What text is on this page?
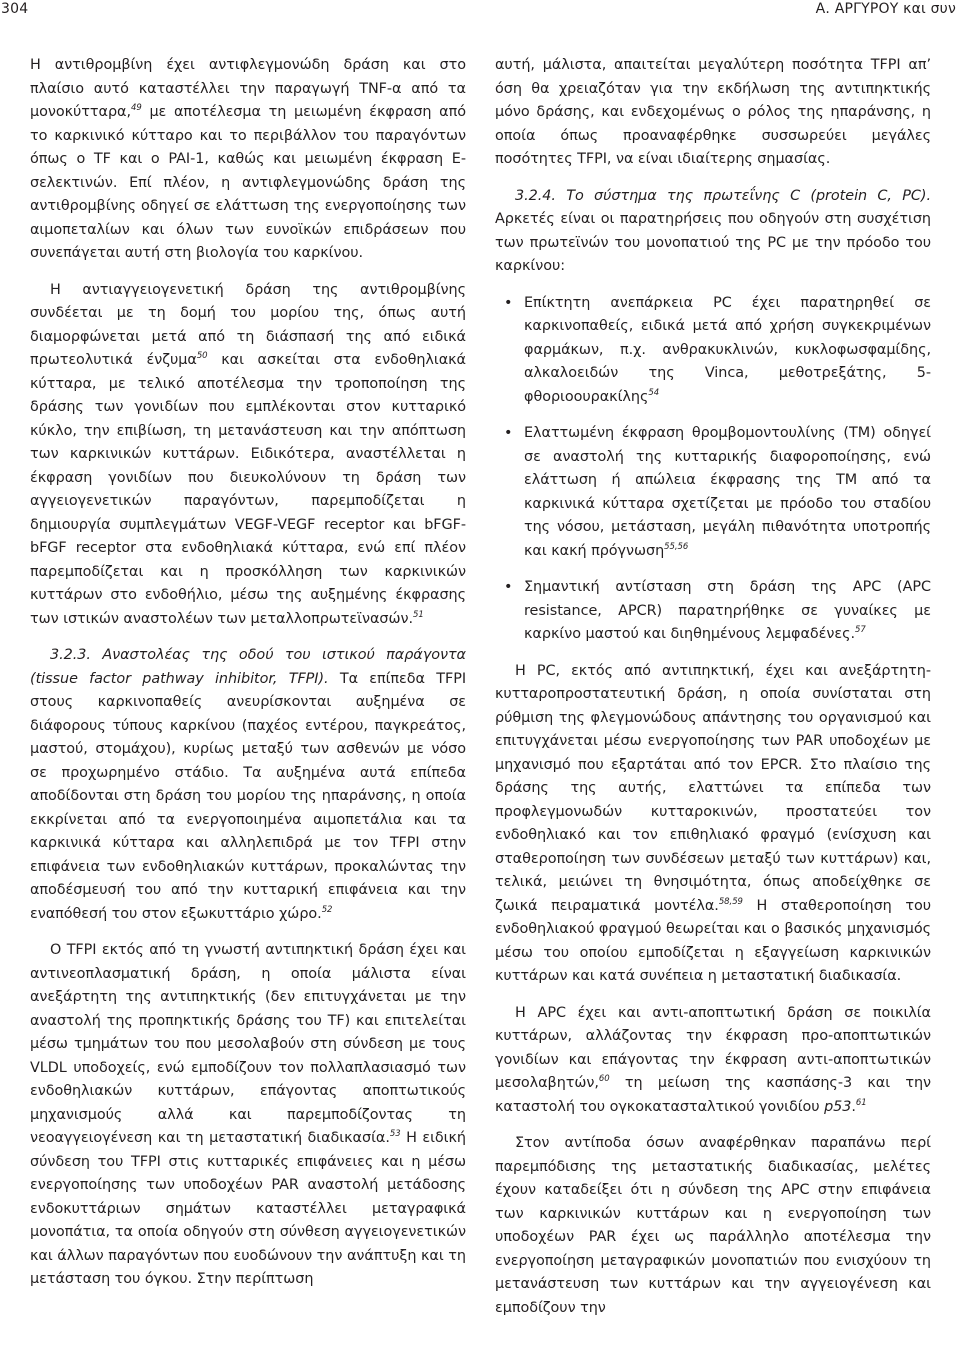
304	Α. ΑΡΓΥΡΟΥ και συν

Η αντιθρομβίνη έχει αντιφλεγμονώδη δράση και στο πλαίσιο αυτό καταστέλλει την παραγωγή TNF-α από τα μονοκύτταρα,$^{49}$ με αποτέλεσμα τη μειωμένη έκφραση από το καρκινικό κύτταρο και το περιβάλλον του παραγόντων όπως ο TF και ο PAI-1, καθώς και μειωμένη έκφραση E-σελεκτινών. Επί πλέον, η αντιφλεγμονώδης δράση της αντιθρομβίνης οδηγεί σε ελάττωση της ενεργοποίησης των αιμοπεταλίων και όλων των ευνοϊκών επιδράσεων που συνεπάγεται αυτή στη βιολογία του καρκίνου.

Η αντιαγγειογενετική δράση της αντιθρομβίνης συνδέεται με τη δομή του μορίου της, όπως αυτή διαμορφώνεται μετά από τη διάσπασή της από ειδικά πρωτεολυτικά ένζυμα$^{50}$ και ασκείται στα ενδοθηλιακά κύτταρα, με τελικό αποτέλεσμα την τροποποίηση της δράσης των γονιδίων που εμπλέκονται στον κυτταρικό κύκλο, την επιβίωση, τη μετανάστευση και την απόπτωση των καρκινικών κυττάρων. Ειδικότερα, αναστέλλεται η έκφραση γονιδίων που διευκολύνουν τη δράση των αγγειογενετικών παραγόντων, παρεμποδίζεται η δημιουργία συμπλεγμάτων VEGF-VEGF receptor και bFGF-bFGF receptor στα ενδοθηλιακά κύτταρα, ενώ επί πλέον παρεμποδίζεται και η προσκόλληση των καρκινικών κυττάρων στο ενδοθήλιο, μέσω της αυξημένης έκφρασης των ιστικών αναστολέων των μεταλλοπρωτεϊνασών.$^{51}$

3.2.3. Αναστολέας της οδού του ιστικού παράγοντα (tissue factor pathway inhibitor, TFPI). Τα επίπεδα TFPI στους καρκινοπαθείς ανευρίσκονται αυξημένα σε διάφορους τύπους καρκίνου (παχέος εντέρου, παγκρεάτος, μαστού, στομάχου), κυρίως μεταξύ των ασθενών με νόσο σε προχωρημένο στάδιο. Τα αυξημένα αυτά επίπεδα αποδίδονται στη δράση του μορίου της ηπαράνσης, η οποία εκκρίνεται από τα ενεργοποιημένα αιμοπετάλια και τα καρκινικά κύτταρα και αλληλεπιδρά με τον TFPI στην επιφάνεια των ενδοθηλιακών κυττάρων, προκαλώντας την αποδέσμευσή του από την κυτταρική επιφάνεια και την εναπόθεσή του στον εξωκυττάριο χώρο.$^{52}$

Ο TFPI εκτός από τη γνωστή αντιπηκτική δράση έχει και αντινεοπλασματική δράση, η οποία μάλιστα είναι ανεξάρτητη της αντιπηκτικής (δεν επιτυγχάνεται με την αναστολή της προπηκτικής δράσης του TF) και επιτελείται μέσω τμημάτων του που μεσολαβούν στη σύνδεση με τους VLDL υποδοχείς, ενώ εμποδίζουν τον πολλαπλασιασμό των ενδοθηλιακών κυττάρων, επάγοντας αποπτωτικούς μηχανισμούς αλλά και παρεμποδίζοντας τη νεοαγγειογένεση και τη μεταστατική διαδικασία.$^{53}$ Η ειδική σύνδεση του TFPI στις κυτταρικές επιφάνειες και η μέσω ενεργοποίησης των υποδοχέων PAR αναστολή μετάδοσης ενδοκυττάριων σημάτων καταστέλλει μεταγραφικά μονοπάτια, τα οποία οδηγούν στη σύνθεση αγγειογενετικών και άλλων παραγόντων που ευοδώνουν την ανάπτυξη και τη μετάσταση του όγκου. Στην περίπτωση

αυτή, μάλιστα, απαιτείται μεγαλύτερη ποσότητα TFPI απ’ όση θα χρειαζόταν για την εκδήλωση της αντιπηκτικής μόνο δράσης, και ενδεχομένως ο ρόλος της ηπαράνσης, η οποία όπως προαναφέρθηκε συσσωρεύει μεγάλες ποσότητες TFPI, να είναι ιδιαίτερης σημασίας.

3.2.4. Το σύστημα της πρωτεΐνης C (protein C, PC). Αρκετές είναι οι παρατηρήσεις που οδηγούν στη συσχέτιση των πρωτεϊνών του μονοπατιού της PC με την πρόοδο του καρκίνου:

• Επίκτητη ανεπάρκεια PC έχει παρατηρηθεί σε καρκινοπαθείς, ειδικά μετά από χρήση συγκεκριμένων φαρμάκων, π.χ. ανθρακυκλινών, κυκλοφωσφαμίδης, αλκαλοειδών της Vinca, μεθοτρεξάτης, 5-φθοριοουρακίλης$^{54}$
• Ελαττωμένη έκφραση θρομβομοντουλίνης (TM) οδηγεί σε αναστολή της κυτταρικής διαφοροποίησης, ενώ ελάττωση ή απώλεια έκφρασης της TM από τα καρκινικά κύτταρα σχετίζεται με πρόοδο του σταδίου της νόσου, μετάσταση, μεγάλη πιθανότητα υποτροπής και κακή πρόγνωση$^{55,56}$
• Σημαντική αντίσταση στη δράση της APC (APC resistance, APCR) παρατηρήθηκε σε γυναίκες με καρκίνο μαστού και διηθημένους λεμφαδένες.$^{57}$

Η PC, εκτός από αντιπηκτική, έχει και ανεξάρτητη-κυτταροπροστατευτική δράση, η οποία συνίσταται στη ρύθμιση της φλεγμονώδους απάντησης του οργανισμού και επιτυγχάνεται μέσω ενεργοποίησης των PAR υποδοχέων με μηχανισμό που εξαρτάται από τον EPCR. Στο πλαίσιο της δράσης της αυτής, ελαττώνει τα επίπεδα των προφλεγμονωδών κυτταροκινών, προστατεύει τον ενδοθηλιακό και τον επιθηλιακό φραγμό (ενίσχυση και σταθεροποίηση των συνδέσεων μεταξύ των κυττάρων) και, τελικά, μειώνει τη θνησιμότητα, όπως αποδείχθηκε σε ζωικά πειραματικά μοντέλα.$^{58,59}$ Η σταθεροποίηση του ενδοθηλιακού φραγμού θεωρείται και ο βασικός μηχανισμός μέσω του οποίου εμποδίζεται η εξαγγείωση καρκινικών κυττάρων και κατά συνέπεια η μεταστατική διαδικασία.

Η APC έχει και αντι-αποπτωτική δράση σε ποικιλία κυττάρων, αλλάζοντας την έκφραση προ-αποπτωτικών γονιδίων και επάγοντας την έκφραση αντι-αποπτωτικών μεσολαβητών,$^{60}$ τη μείωση της κασπάσης-3 και την καταστολή του ογκοκατασταλτικού γονιδίου p53.61

Στον αντίποδα όσων αναφέρθηκαν παραπάνω περί παρεμπόδισης της μεταστατικής διαδικασίας, μελέτες έχουν καταδείξει ότι η σύνδεση της APC στην επιφάνεια των καρκινικών κυττάρων και η ενεργοποίηση των υποδοχέων PAR έχει ως παράλληλο αποτέλεσμα την ενεργοποίηση μεταγραφικών μονοπατιών που ενισχύουν τη μετανάστευση των κυττάρων και την αγγειογένεση και εμποδίζουν την
